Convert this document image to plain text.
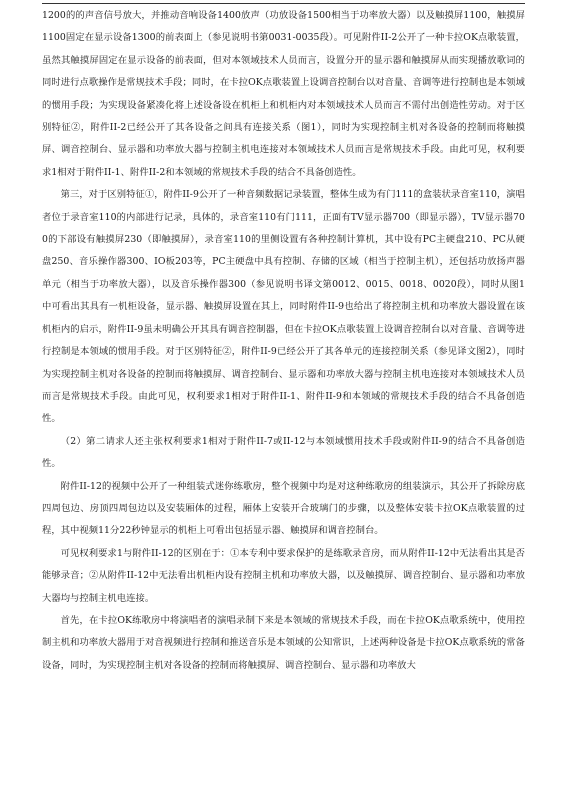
1200的的声音信号放大，并推动音响设备1400放声（功放设备1500相当于功率放大器）以及触摸屏1100，触摸屏1100固定在显示设备1300的前表面上（参见说明书第0031-0035段）。可见附件II-2公开了一种卡拉OK点歌装置，虽然其触摸屏固定在显示设备的前表面，但对本领域技术人员而言，设置分开的显示器和触摸屏从而实现播放歌词的同时进行点歌操作是常规技术手段；同时，在卡拉OK点歌装置上设调音控制台以对音量、音调等进行控制也是本领域的惯用手段；为实现设备紧凑化将上述设备设在机柜上和机柜内对本领域技术人员而言不需付出创造性劳动。对于区别特征②，附件II-2已经公开了其各设备之间具有连接关系（图1），同时为实现控制主机对各设备的控制而将触摸屏、调音控制台、显示器和功率放大器与控制主机电连接对本领域技术人员而言是常规技术手段。由此可见，权利要求1相对于附件II-1、附件II-2和本领域的常规技术手段的结合不具备创造性。

第三，对于区别特征①，附件II-9公开了一种音频数据记录装置，整体生成为有门111的盒装状录音室110，演唱者位于录音室110的内部进行记录，具体的，录音室110有门111，正面有TV显示器700（即显示器），TV显示器700的下部设有触摸屏230（即触摸屏），录音室110的里侧设置有各种控制计算机，其中设有PC主硬盘210、PC从硬盘250、音乐操作器300、IO板203等，PC主硬盘中具有控制、存储的区域（相当于控制主机），还包括功放扬声器单元（相当于功率放大器），以及音乐操作器300（参见说明书译文第0012、0015、0018、0020段），同时从图1中可看出其具有一机柜设备，显示器、触摸屏设置在其上，同时附件II-9也给出了将控制主机和功率放大器设置在该机柜内的启示，附件II-9虽未明确公开其具有调音控制器，但在卡拉OK点歌装置上设调音控制台以对音量、音调等进行控制是本领域的惯用手段。对于区别特征②，附件II-9已经公开了其各单元的连接控制关系（参见译文图2），同时为实现控制主机对各设备的控制而将触摸屏、调音控制台、显示器和功率放大器与控制主机电连接对本领域技术人员而言是常规技术手段。由此可见，权利要求1相对于附件II-1、附件II-9和本领域的常规技术手段的结合不具备创造性。

（2）第二请求人还主张权利要求1相对于附件II-7或II-12与本领域惯用技术手段或附件II-9的结合不具备创造性。

附件II-12的视频中公开了一种组装式迷你练歌房，整个视频中均是对这种练歌房的组装演示，其公开了拆除房底四周包边、房顶四周包边以及安装厢体的过程，厢体上安装开合玻璃门的步骤，以及整体安装卡拉OK点歌装置的过程，其中视频11分22秒钟显示的机柜上可看出包括显示器、触摸屏和调音控制台。

可见权利要求1与附件II-12的区别在于：①本专利中要求保护的是练歌录音房，而从附件II-12中无法看出其是否能够录音；②从附件II-12中无法看出机柜内设有控制主机和功率放大器，以及触摸屏、调音控制台、显示器和功率放大器均与控制主机电连接。

首先，在卡拉OK练歌房中将演唱者的演唱录制下来是本领域的常规技术手段，而在卡拉OK点歌系统中，使用控制主机和功率放大器用于对音视频进行控制和推送音乐是本领域的公知常识，上述两种设备是卡拉OK点歌系统的常备设备，同时，为实现控制主机对各设备的控制而将触摸屏、调音控制台、显示器和功率放大
